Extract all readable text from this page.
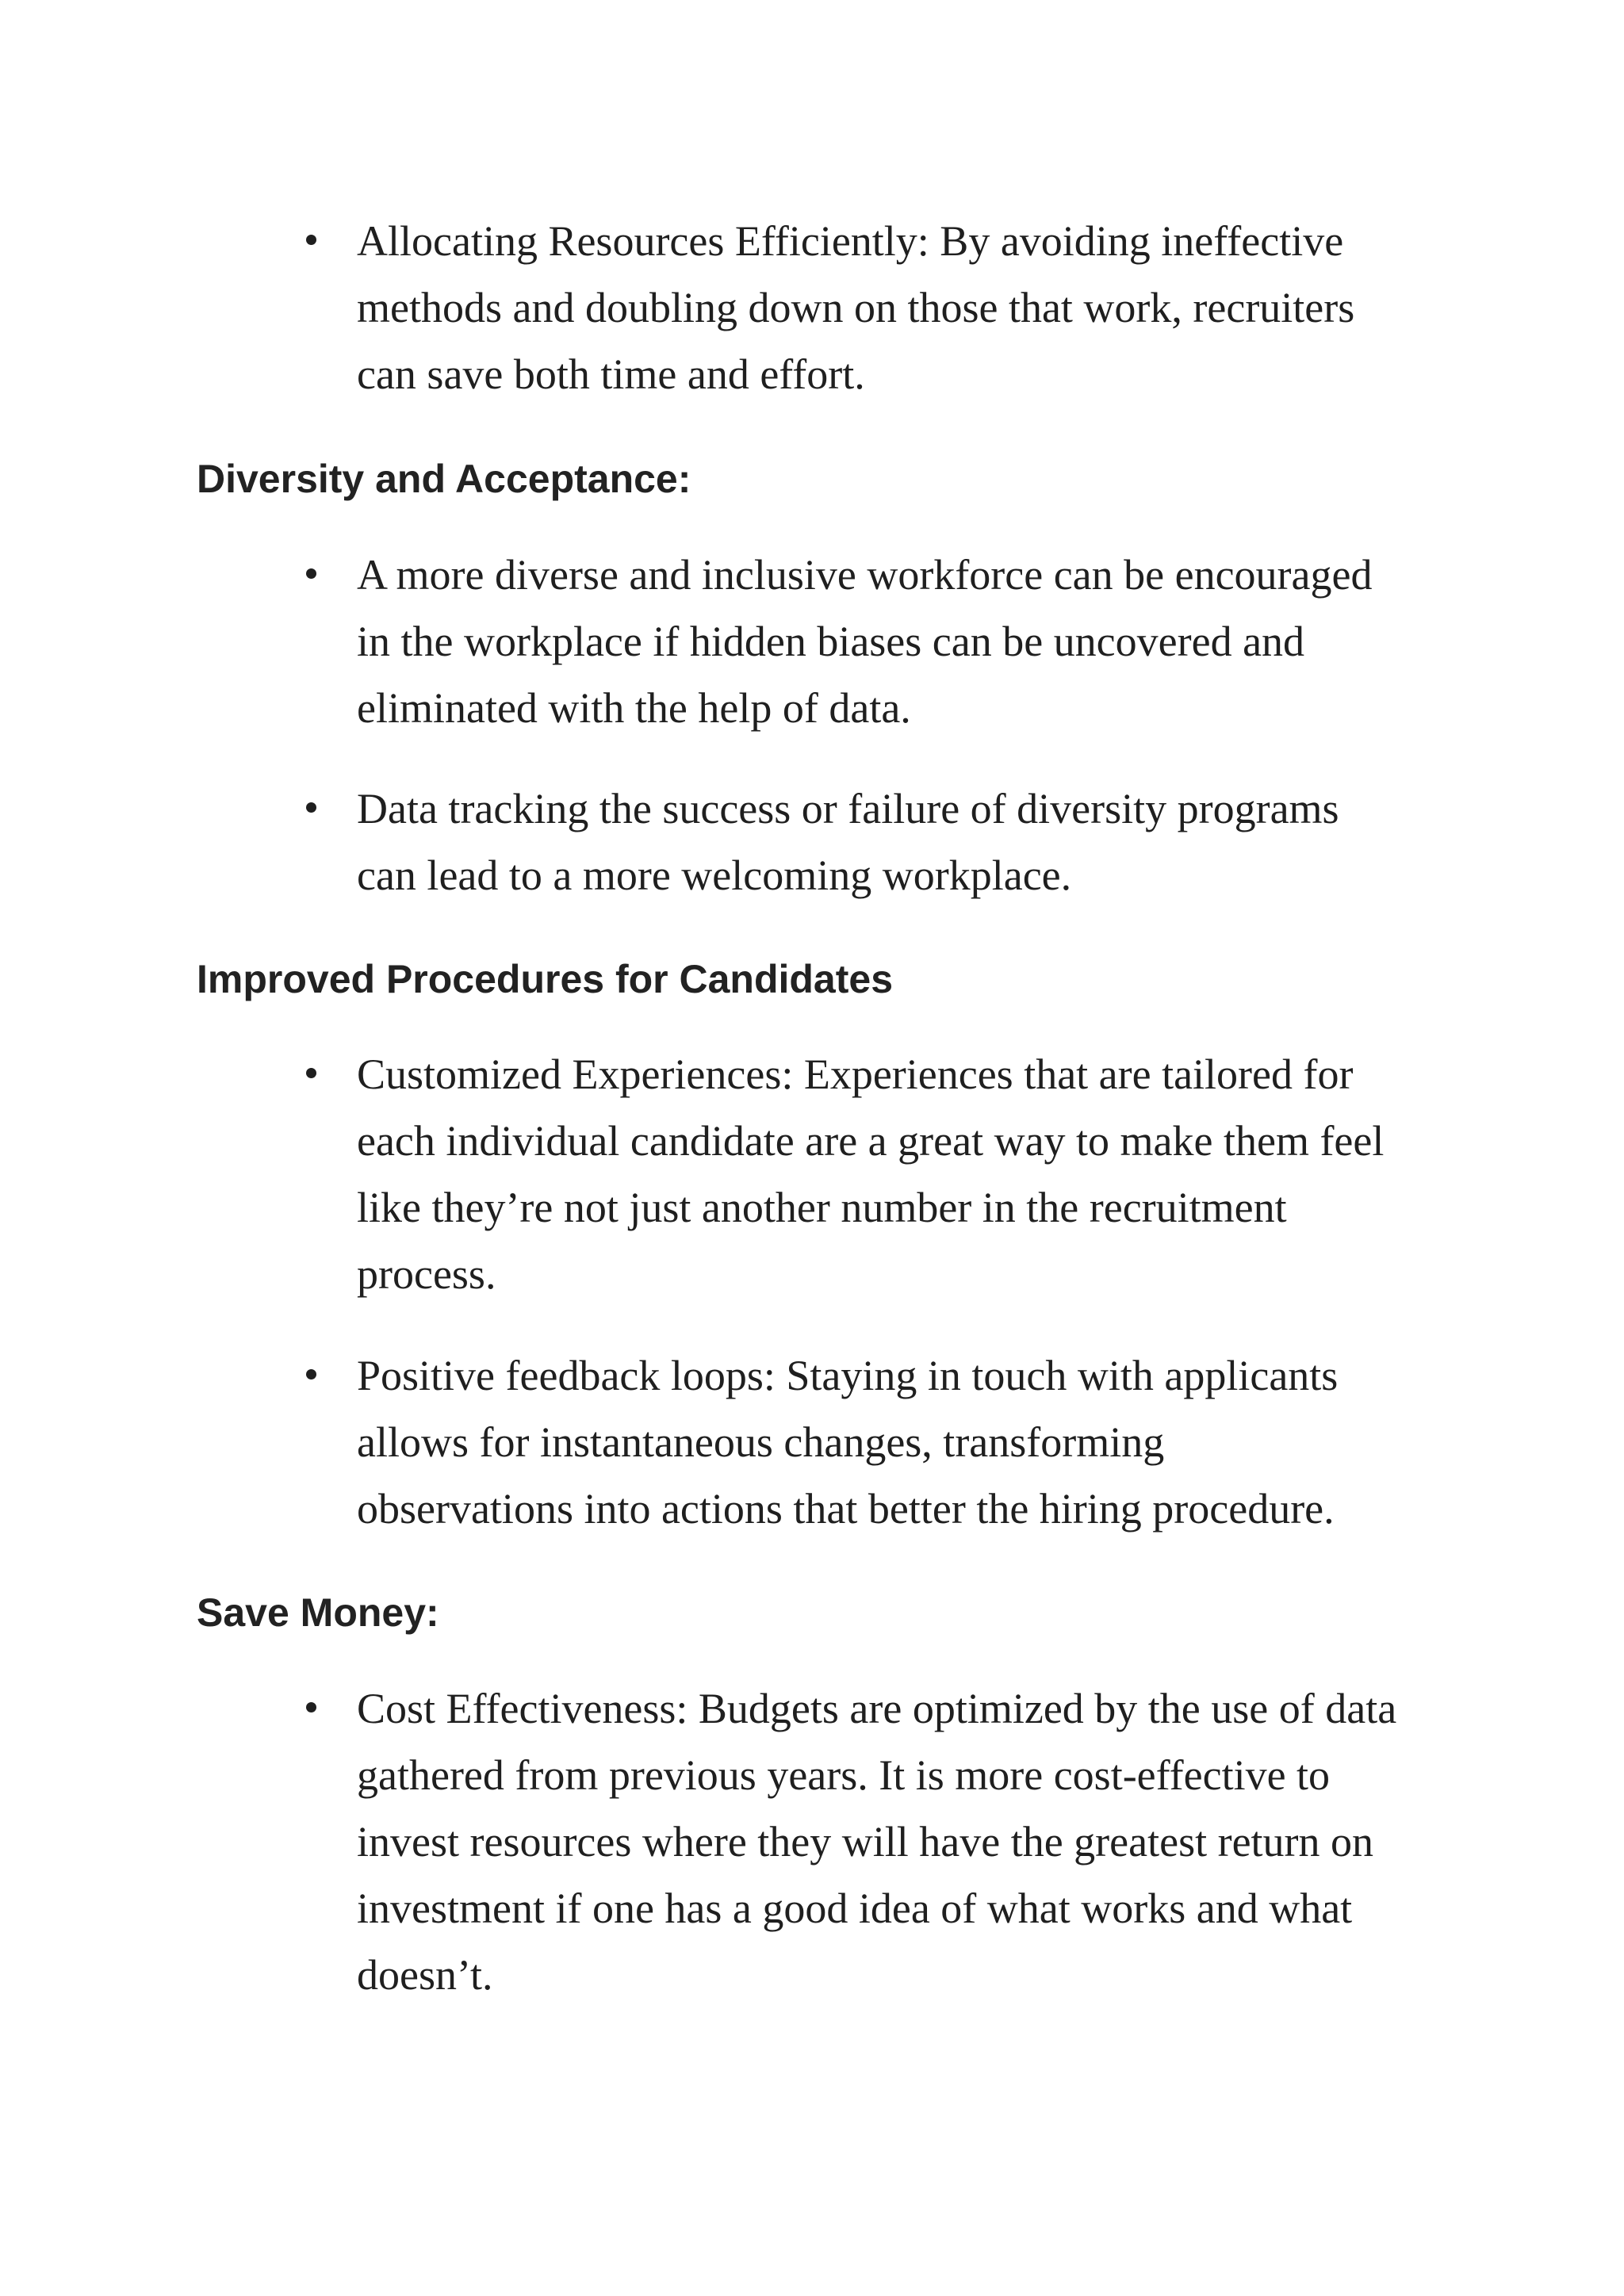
Allocating Resources Efficiently: By avoiding ineffective
methods and doubling down on those that work, recruiters
can save both time and effort.
Diversity and Acceptance:
A more diverse and inclusive workforce can be encouraged
in the workplace if hidden biases can be uncovered and
eliminated with the help of data.
Data tracking the success or failure of diversity programs
can lead to a more welcoming workplace.
Improved Procedures for Candidates
Customized Experiences: Experiences that are tailored for
each individual candidate are a great way to make them feel
like they’re not just another number in the recruitment
process.
Positive feedback loops: Staying in touch with applicants
allows for instantaneous changes, transforming
observations into actions that better the hiring procedure.
Save Money:
Cost Effectiveness: Budgets are optimized by the use of data
gathered from previous years. It is more cost-effective to
invest resources where they will have the greatest return on
investment if one has a good idea of what works and what
doesn’t.
